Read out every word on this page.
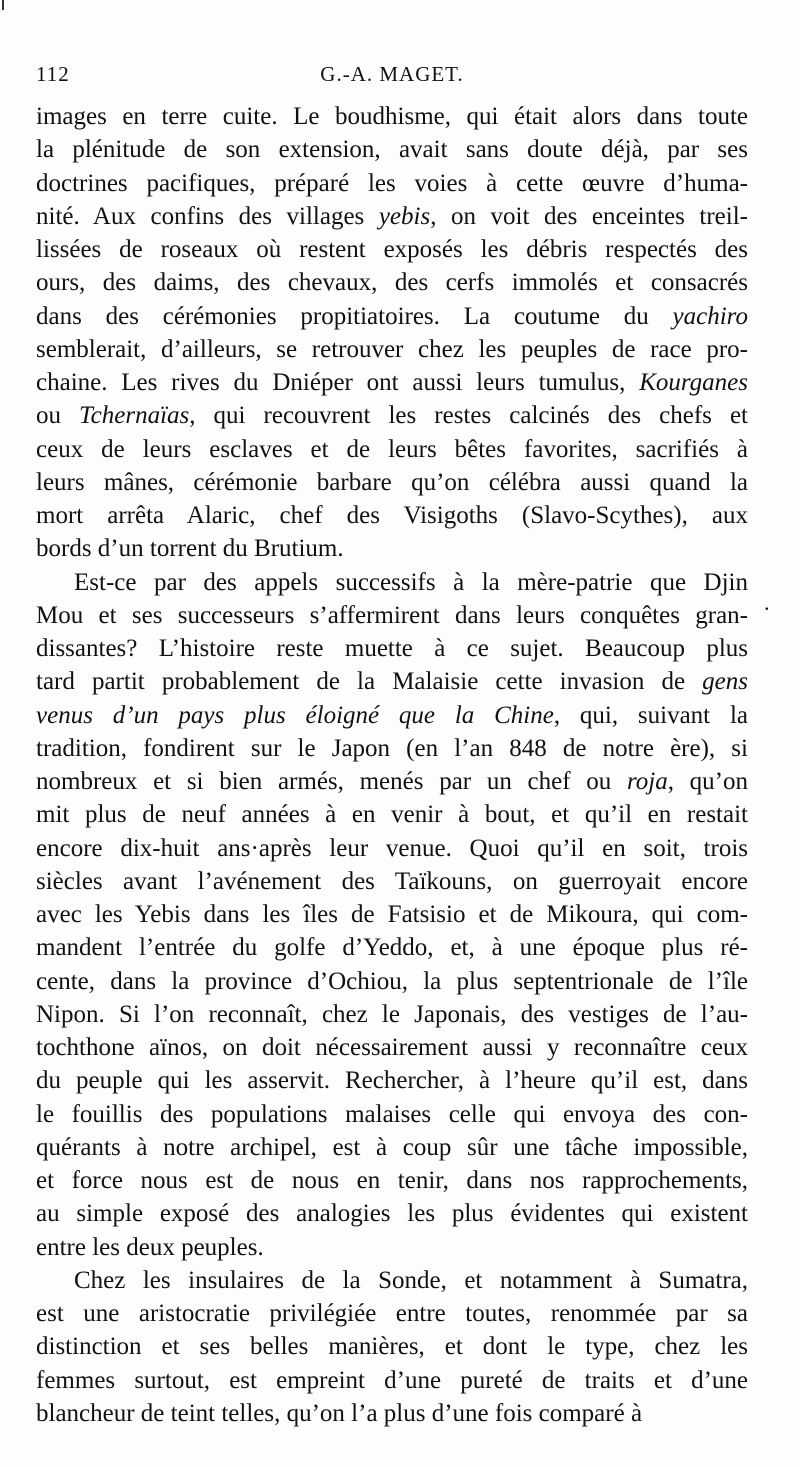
112	G.-A. MAGET.
images en terre cuite. Le boudhisme, qui était alors dans toute
la plénitude de son extension, avait sans doute déjà, par ses
doctrines pacifiques, préparé les voies à cette œuvre d’huma-
nité. Aux confins des villages yebis, on voit des enceintes treil-
lissées de roseaux où restent exposés les débris respectés des
ours, des daims, des chevaux, des cerfs immolés et consacrés
dans des cérémonies propitiatoires. La coutume du yachiro
semblerait, d’ailleurs, se retrouver chez les peuples de race pro-
chaine. Les rives du Dniéper ont aussi leurs tumulus, Kourganes
ou Tchernaïas, qui recouvrent les restes calcinés des chefs et
ceux de leurs esclaves et de leurs bêtes favorites, sacrifiés à
leurs mânes, cérémonie barbare qu’on célébra aussi quand la
mort arrêta Alaric, chef des Visigoths (Slavo-Scythes), aux
bords d’un torrent du Brutium.
Est-ce par des appels successifs à la mère-patrie que Djin
Mou et ses successeurs s’affermirent dans leurs conquêtes gran-
dissantes? L’histoire reste muette à ce sujet. Beaucoup plus
tard partit probablement de la Malaisie cette invasion de gens
venus d’un pays plus éloigné que la Chine, qui, suivant la
tradition, fondirent sur le Japon (en l’an 848 de notre ère), si
nombreux et si bien armés, menés par un chef ou roja, qu’on
mit plus de neuf années à en venir à bout, et qu’il en restait
encore dix-huit ans·après leur venue. Quoi qu’il en soit, trois
siècles avant l’avénement des Taïkouns, on guerroyait encore
avec les Yebis dans les îles de Fatsisio et de Mikoura, qui com-
mandent l’entrée du golfe d’Yeddo, et, à une époque plus ré-
cente, dans la province d’Ochiou, la plus septentrionale de l’île
Nipon. Si l’on reconnaît, chez le Japonais, des vestiges de l’au-
tochthone aïnos, on doit nécessairement aussi y reconnaître ceux
du peuple qui les asservit. Rechercher, à l’heure qu’il est, dans
le fouillis des populations malaises celle qui envoya des con-
quérants à notre archipel, est à coup sûr une tâche impossible,
et force nous est de nous en tenir, dans nos rapprochements,
au simple exposé des analogies les plus évidentes qui existent
entre les deux peuples.
Chez les insulaires de la Sonde, et notamment à Sumatra,
est une aristocratie privilégiée entre toutes, renommée par sa
distinction et ses belles manières, et dont le type, chez les
femmes surtout, est empreint d’une pureté de traits et d’une
blancheur de teint telles, qu’on l’a plus d’une fois comparé à
.
